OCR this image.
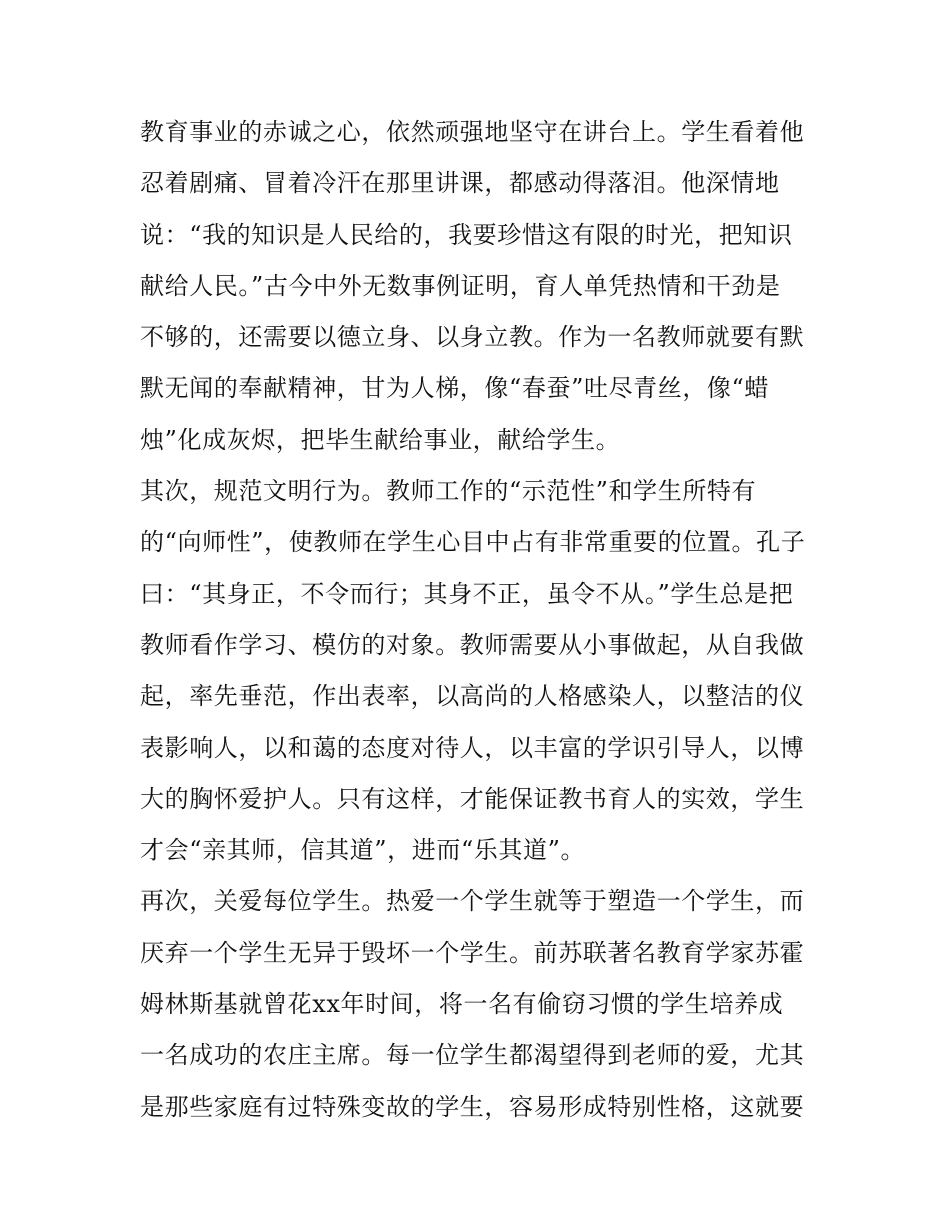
教育事业的赤诚之心，依然顽强地坚守在讲台上。学生看着他
忍着剧痛、冒着冷汗在那里讲课，都感动得落泪。他深情地
说：“我的知识是人民给的，我要珍惜这有限的时光，把知识
献给人民。”古今中外无数事例证明，育人单凭热情和干劲是
不够的，还需要以德立身、以身立教。作为一名教师就要有默
默无闻的奉献精神，甘为人梯，像“春蚕”吐尽青丝，像“蜡
烛”化成灰烬，把毕生献给事业，献给学生。
其次，规范文明行为。教师工作的“示范性”和学生所特有
的“向师性”，使教师在学生心目中占有非常重要的位置。孔子
曰：“其身正，不令而行；其身不正，虽令不从。”学生总是把
教师看作学习、模仿的对象。教师需要从小事做起，从自我做
起，率先垂范，作出表率，以高尚的人格感染人，以整洁的仪
表影响人，以和蔼的态度对待人，以丰富的学识引导人，以博
大的胸怀爱护人。只有这样，才能保证教书育人的实效，学生
才会“亲其师，信其道”，进而“乐其道”。
再次，关爱每位学生。热爱一个学生就等于塑造一个学生，而
厌弃一个学生无异于毁坏一个学生。前苏联著名教育学家苏霍
姆林斯基就曾花xx年时间，将一名有偷窃习惯的学生培养成
一名成功的农庄主席。每一位学生都渴望得到老师的爱，尤其
是那些家庭有过特殊变故的学生，容易形成特别性格，这就要
